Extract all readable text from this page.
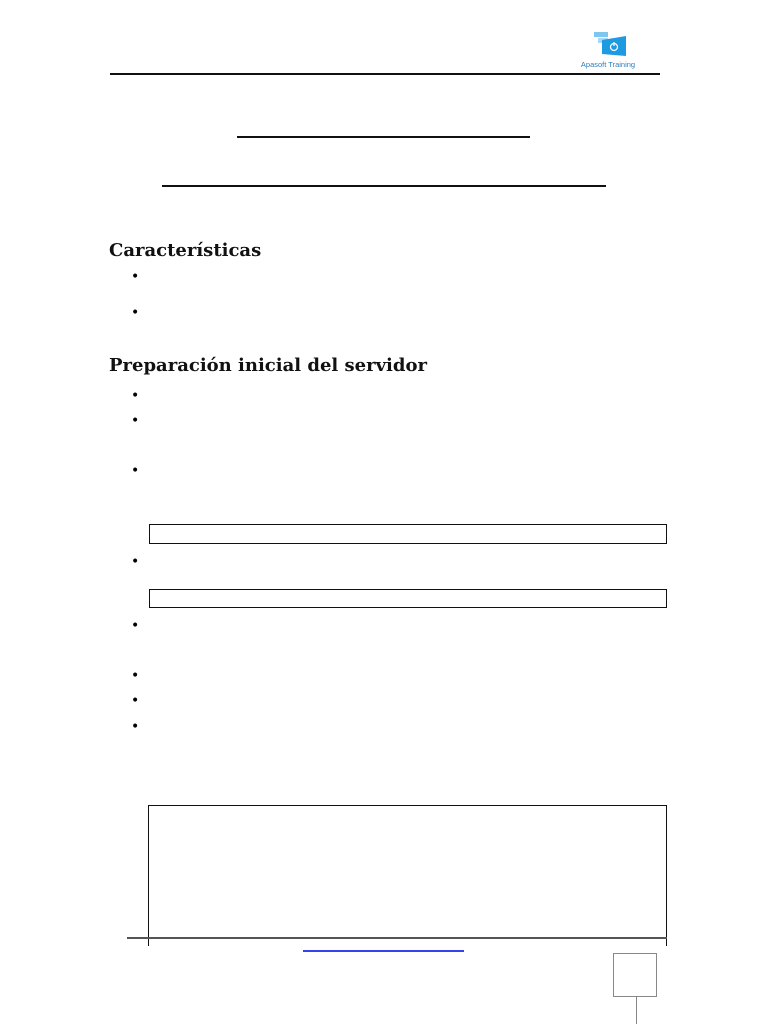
Apasoft Training
Características
•
•
Preparación inicial del servidor
•
•
•
•
•
•
•
•
